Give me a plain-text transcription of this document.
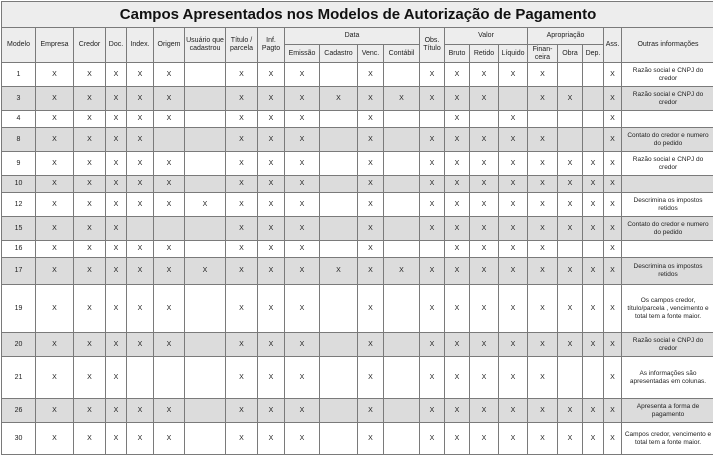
Campos Apresentados nos Modelos de Autorização de Pagamento																					
Modelo	Empresa	Credor	Doc.	Index.	Origem	Usuário que cadastrou	Título / parcela	Inf. Pagto	Data				Obs. Título	Valor			Apropriação			Ass.	Outras informações
									Emissão	Cadastro	Venc.	Contábil		Bruto	Retido	Líquido	Finan-ceira	Obra	Dep.		
1	X	X	X	X	X		X	X	X		X		X	X	X	X	X			X	Razão social e CNPJ do credor
3	X	X	X	X	X		X	X	X	X	X	X	X	X	X		X	X		X	Razão social e CNPJ do credor
4	X	X	X	X	X		X	X	X		X			X		X				X	
8	X	X	X	X			X	X	X		X		X	X	X	X	X			X	Contato do credor e numero do pedido
9	X	X	X	X	X		X	X	X		X		X	X	X	X	X	X	X	X	Razão social e CNPJ do credor
10	X	X	X	X	X		X	X	X		X		X	X	X	X	X	X	X	X	
12	X	X	X	X	X	X	X	X	X		X		X	X	X	X	X	X	X	X	Descrimina os impostos retidos
15	X	X	X				X	X	X		X		X	X	X	X	X	X	X	X	Contato do credor e numero do pedido
16	X	X	X	X	X		X	X	X		X			X	X	X	X			X	
17	X	X	X	X	X	X	X	X	X	X	X	X	X	X	X	X	X	X	X	X	Descrimina os impostos retidos
19	X	X	X	X	X		X	X	X		X		X	X	X	X	X	X	X	X	Os campos credor, título/parcela , vencimento e total tem a fonte maior.
20	X	X	X	X	X		X	X	X		X		X	X	X	X	X	X	X	X	Razão social e CNPJ do credor
21	X	X	X				X	X	X		X		X	X	X	X	X			X	As informações são apresentadas em colunas.
26	X	X	X	X	X		X	X	X		X		X	X	X	X	X	X	X	X	Apresenta a forma de pagamento
30	X	X	X	X	X		X	X	X		X		X	X	X	X	X	X	X	X	Campos credor, vencimento e total tem a fonte maior.
